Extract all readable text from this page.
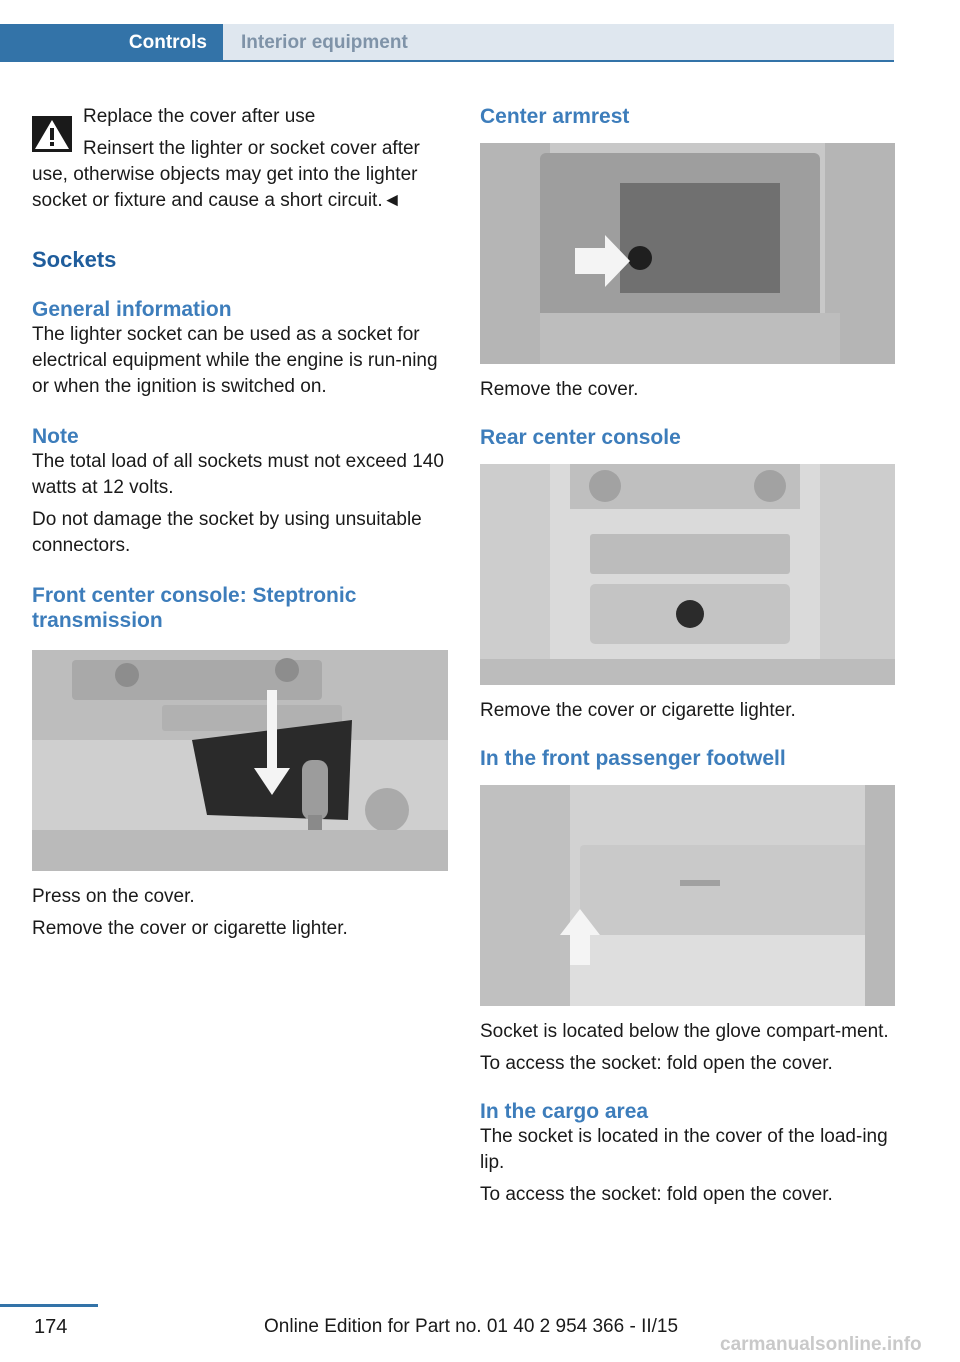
Controls	Interior equipment

Replace the cover after use

Reinsert the lighter or socket cover after

use, otherwise objects may get into the lighter socket or fixture and cause a short circuit.◄

Sockets

General information

The lighter socket can be used as a socket for electrical equipment while the engine is run-ning or when the ignition is switched on.

Note

The total load of all sockets must not exceed 140 watts at 12 volts.

Do not damage the socket by using unsuitable connectors.

Front center console: Steptronic transmission

Press on the cover.

Remove the cover or cigarette lighter.

Center armrest

Remove the cover.

Rear center console

Remove the cover or cigarette lighter.

In the front passenger footwell

Socket is located below the glove compart-ment.

To access the socket: fold open the cover.

In the cargo area

The socket is located in the cover of the load-ing lip.

To access the socket: fold open the cover.

174	Online Edition for Part no. 01 40 2 954 366 - II/15
carmanualsonline.info
